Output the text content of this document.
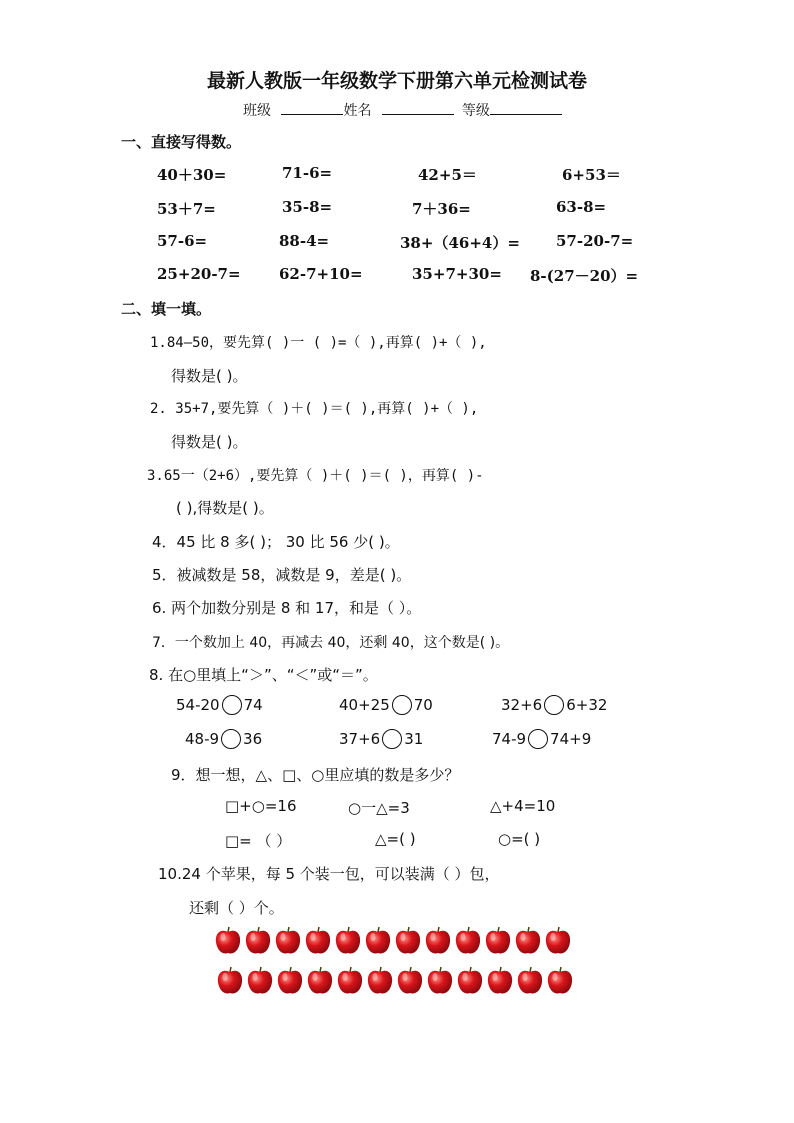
最新人教版一年级数学下册第六单元检测试卷
班级	姓名	等级
一、直接写得数。
40＋30=	71-6=	42+5＝	6+53＝
53＋7=	35-8=	7＋36=	63-8=
57-6=	88-4=	38+（46+4）= 57-20-7=
25+20-7=	62-7+10=	35+7+30= 8-(27－20）=
二、填一填。
1.84—50，要先算( )一 ( )=（ ),再算( )+（ ),
得数是( )。
2. 35+7,要先算（ )＋( )＝( ),再算( )+（ ),
得数是( )。
3.65一（2+6）,要先算（ )＋( )＝( )，再算( )-
( ),得数是( )。
4．45 比 8 多( )； 30 比 56 少( )。
5．被减数是 58，减数是 9，差是( )。
6. 两个加数分别是 8 和 17，和是（ ）。
7．一个数加上 40，再减去 40，还剩 40，这个数是( )。
8. 在○里填上“＞”、“＜”或“＝”。
54-20 74	40+25 70	32+6 6+32
48-9 36	37+6 31	74-9 74+9
9．想一想，△、□、○里应填的数是多少？
□+○=16	○一△=3	△+4=10
□= （ ）	△=( )	○=( )
10.24 个苹果，每 5 个装一包，可以装满（ ）包，
还剩（ ）个。
